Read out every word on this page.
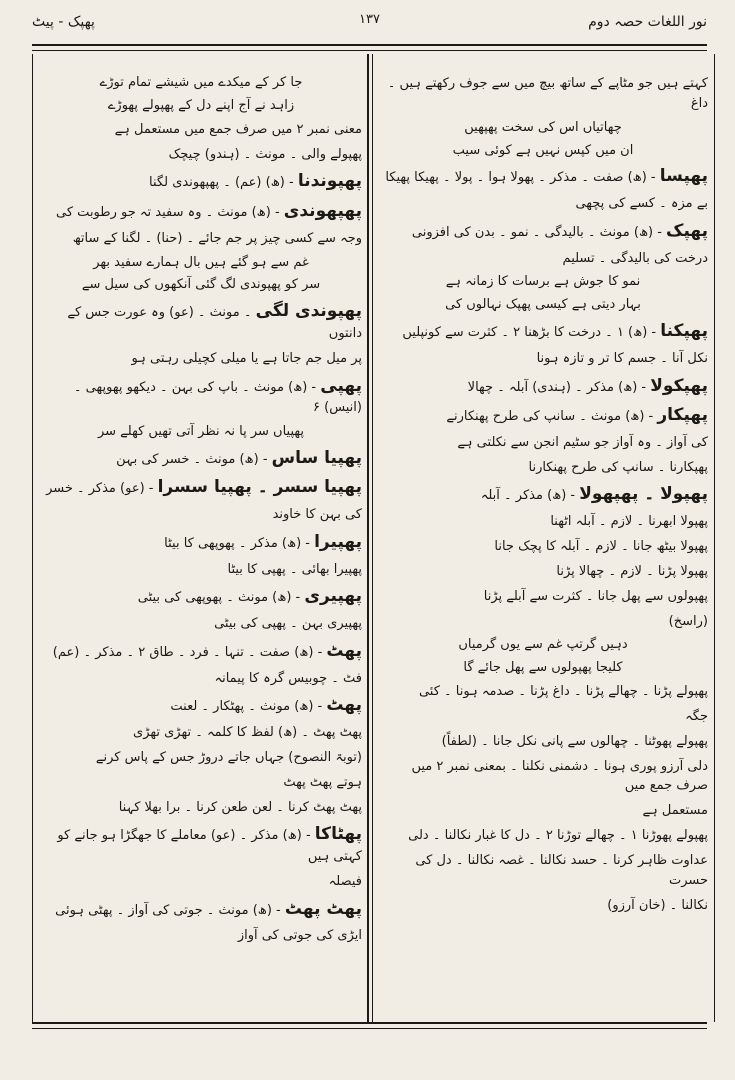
نور اللغات حصہ دوم
۱۳۷
پھپک - پیٹ
کہتے ہیں جو مٹاپے کے ساتھ بیچ میں سے جوف رکھتے ہیں ۔ داغ
چھاتیاں اس کی سخت پھپھیں
ان میں کپس نہیں ہے کوئی سیب
پھپسا - (ھ) صفت ۔ مذکر ۔ پھولا ہوا ۔ پولا ۔ پھیکا پھیکا
بے مزہ ۔ کسے کی پچھی
پھپک - (ھ) مونث ۔ بالیدگی ۔ نمو ۔ بدن کی افزونی
درخت کی بالیدگی ۔ تسلیم
نمو کا جوش ہے برسات کا زمانہ ہے
بہار دیتی ہے کیسی پھپک نہالوں کی
پھپکنا - (ھ) ۱ ۔ درخت کا بڑھنا ۲ ۔ کثرت سے کونپلیں
نکل آنا ۔ جسم کا تر و تازہ ہونا
پھپکولا - (ھ) مذکر ۔ (ہندی) آبلہ ۔ چھالا
پھپکار - (ھ) مونث ۔ سانپ کی طرح پھنکارنے
کی آواز ۔ وہ آواز جو سٹیم انجن سے نکلتی ہے
پھپکارنا ۔ سانپ کی طرح پھنکارنا
پھپولا ۔ پھپھولا - (ھ) مذکر ۔ آبلہ
پھپولا ابھرنا ۔ لازم ۔ آبلہ اٹھنا
پھپولا بیٹھ جانا ۔ لازم ۔ آبلہ کا پچک جانا
پھپولا پڑنا ۔ لازم ۔ چھالا پڑنا
پھپولوں سے پھل جانا ۔ کثرت سے آبلے پڑنا
(راسخ)
دہیں گرتپ غم سے یوں گرمیاں
کلیجا پھپولوں سے پھل جائے گا
پھپولے پڑنا ۔ چھالے پڑنا ۔ داغ پڑنا ۔ صدمہ ہونا ۔ کئی
جگہ
پھپولے پھوٹنا ۔ چھالوں سے پانی نکل جانا ۔ (لطفاً)
دلی آرزو پوری ہونا ۔ دشمنی نکلنا ۔ بمعنی نمبر ۲ میں صرف جمع میں
مستعمل ہے
پھپولے پھوڑنا ۱ ۔ چھالے توڑنا ۲ ۔ دل کا غبار نکالنا ۔ دلی
عداوت ظاہر کرنا ۔ حسد نکالنا ۔ غصہ نکالنا ۔ دل کی حسرت
نکالنا ۔ (خان آرزو)
جا کر کے میکدے میں شیشے تمام توڑے
زاہد نے آج اپنے دل کے پھپولے پھوڑے
معنی نمبر ۲ میں صرف جمع میں مستعمل ہے
پھپولے والی ۔ مونث ۔ (ہندو) چیچک
پھپوندنا - (ھ) (عم) ۔ پھپھوندی لگنا
پھپھوندی - (ھ) مونث ۔ وہ سفید تہ جو رطوبت کی
وجہ سے کسی چیز پر جم جائے ۔ (حنا) ۔ لگنا کے ساتھ
غم سے ہو گئے ہیں بال ہمارے سفید بھر
سر کو پھپوندی لگ گئی آنکھوں کی سیل سے
پھپوندی لگی ۔ مونث ۔ (عو) وہ عورت جس کے دانتوں
پر میل جم جاتا ہے یا میلی کچیلی رہتی ہو
پھپی - (ھ) مونث ۔ باپ کی بہن ۔ دیکھو پھوپھی ۔ (انیس) ۶
پھپیاں سر پا نہ نظر آتی تھیں کھلے سر
پھپیا ساس - (ھ) مونث ۔ خسر کی بہن
پھپیا سسر ۔ پھپیا سسرا - (عو) مذکر ۔ خسر
کی بہن کا خاوند
پھپیرا - (ھ) مذکر ۔ پھوپھی کا بیٹا
پھپیرا بھائی ۔ پھپی کا بیٹا
پھپیری - (ھ) مونث ۔ پھوپھی کی بیٹی
پھپیری بہن ۔ پھپی کی بیٹی
پھٹ - (ھ) صفت ۔ تنہا ۔ فرد ۔ طاق ۲ ۔ مذکر ۔ (عم)
فٹ ۔ چوبیس گرہ کا پیمانہ
پھٹ - (ھ) مونث ۔ پھٹکار ۔ لعنت
پھٹ پھٹ ۔ (ھ) لفظ کا کلمہ ۔ تھڑی تھڑی
(توبۃ النصوح) جہاں جاتے دروڑ جس کے پاس کرنے
ہوتے پھٹ پھٹ
پھٹ پھٹ کرنا ۔ لعن طعن کرنا ۔ برا بھلا کہنا
پھٹاکا - (ھ) مذکر ۔ (عو) معاملے کا جھگڑا ہو جانے کو کہتی ہیں
فیصلہ
پھٹ پھٹ - (ھ) مونث ۔ جوتی کی آواز ۔ پھٹی ہوئی
ایڑی کی جوتی کی آواز
